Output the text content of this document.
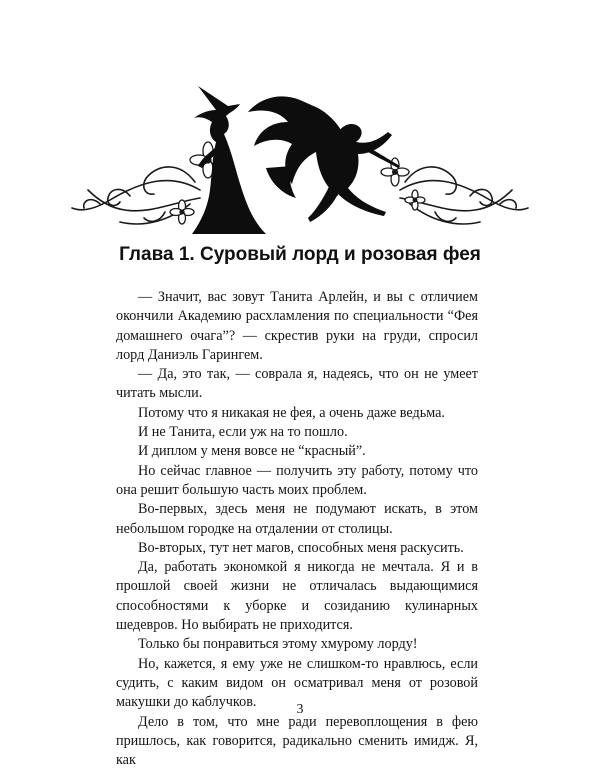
Глава 1. Суровый лорд и розовая фея

— Значит, вас зовут Танита Арлейн, и вы с отличием окончили Академию расхламления по специальности “Фея домашнего очага”? — скрестив руки на груди, спросил лорд Даниэль Гарингем.

— Да, это так, — соврала я, надеясь, что он не умеет читать мысли.

Потому что я никакая не фея, а очень даже ведьма.

И не Танита, если уж на то пошло.

И диплом у меня вовсе не “красный”.

Но сейчас главное — получить эту работу, потому что она решит большую часть моих проблем.

Во-первых, здесь меня не подумают искать, в этом небольшом городке на отдалении от столицы.

Во-вторых, тут нет магов, способных меня раскусить.

Да, работать экономкой я никогда не мечтала. Я и в прошлой своей жизни не отличалась выдающимися способностями к уборке и созиданию кулинарных шедевров. Но выбирать не приходится.

Только бы понравиться этому хмурому лорду!

Но, кажется, я ему уже не слишком-то нравлюсь, если судить, с каким видом он осматривал меня от розовой макушки до каблучков.

Дело в том, что мне ради перевоплощения в фею пришлось, как говорится, радикально сменить имидж. Я, как

3
